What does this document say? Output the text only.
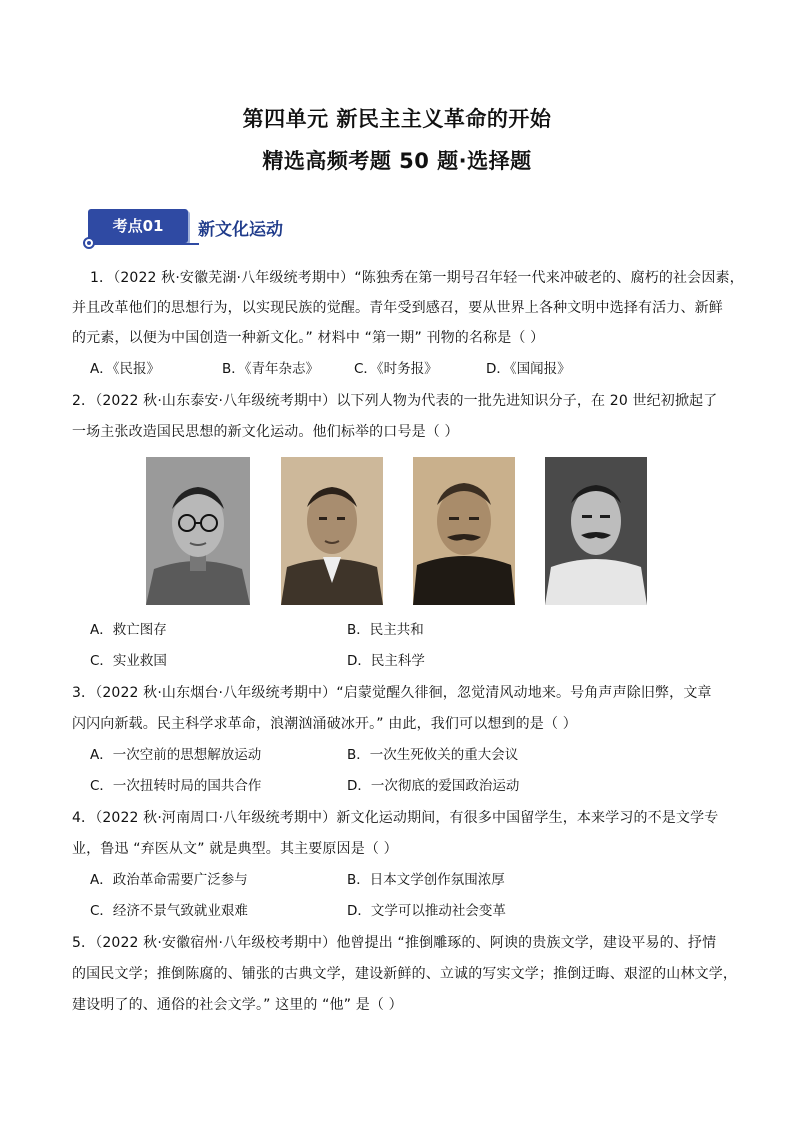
第四单元 新民主主义革命的开始
精选高频考题 50 题·选择题
考点01	新文化运动
1．（2022 秋·安徽芜湖·八年级统考期中）“陈独秀在第一期号召年轻一代来冲破老的、腐朽的社会因素，
并且改革他们的思想行为，以实现民族的觉醒。青年受到感召，要从世界上各种文明中选择有活力、新鲜
的元素，以便为中国创造一种新文化。” 材料中 “第一期” 刊物的名称是（ ）
A．《民报》	B．《青年杂志》	C．《时务报》	D．《国闻报》
2．（2022 秋·山东泰安·八年级统考期中）以下列人物为代表的一批先进知识分子，在 20 世纪初掀起了
一场主张改造国民思想的新文化运动。他们标举的口号是（ ）
A．救亡图存	B．民主共和
C．实业救国	D．民主科学
3．（2022 秋·山东烟台·八年级统考期中）“启蒙觉醒久徘徊，忽觉清风动地来。号角声声除旧弊，文章
闪闪向新载。民主科学求革命，浪潮汹涌破冰开。” 由此，我们可以想到的是（ ）
A．一次空前的思想解放运动	B．一次生死攸关的重大会议
C．一次扭转时局的国共合作	D．一次彻底的爱国政治运动
4．（2022 秋·河南周口·八年级统考期中）新文化运动期间，有很多中国留学生，本来学习的不是文学专
业，鲁迅 “弃医从文” 就是典型。其主要原因是（ ）
A．政治革命需要广泛参与	B．日本文学创作氛围浓厚
C．经济不景气致就业艰难	D．文学可以推动社会变革
5．（2022 秋·安徽宿州·八年级校考期中）他曾提出 “推倒雕琢的、阿谀的贵族文学，建设平易的、抒情
的国民文学；推倒陈腐的、铺张的古典文学，建设新鲜的、立诚的写实文学；推倒迂晦、艰涩的山林文学，
建设明了的、通俗的社会文学。” 这里的 “他” 是（ ）
